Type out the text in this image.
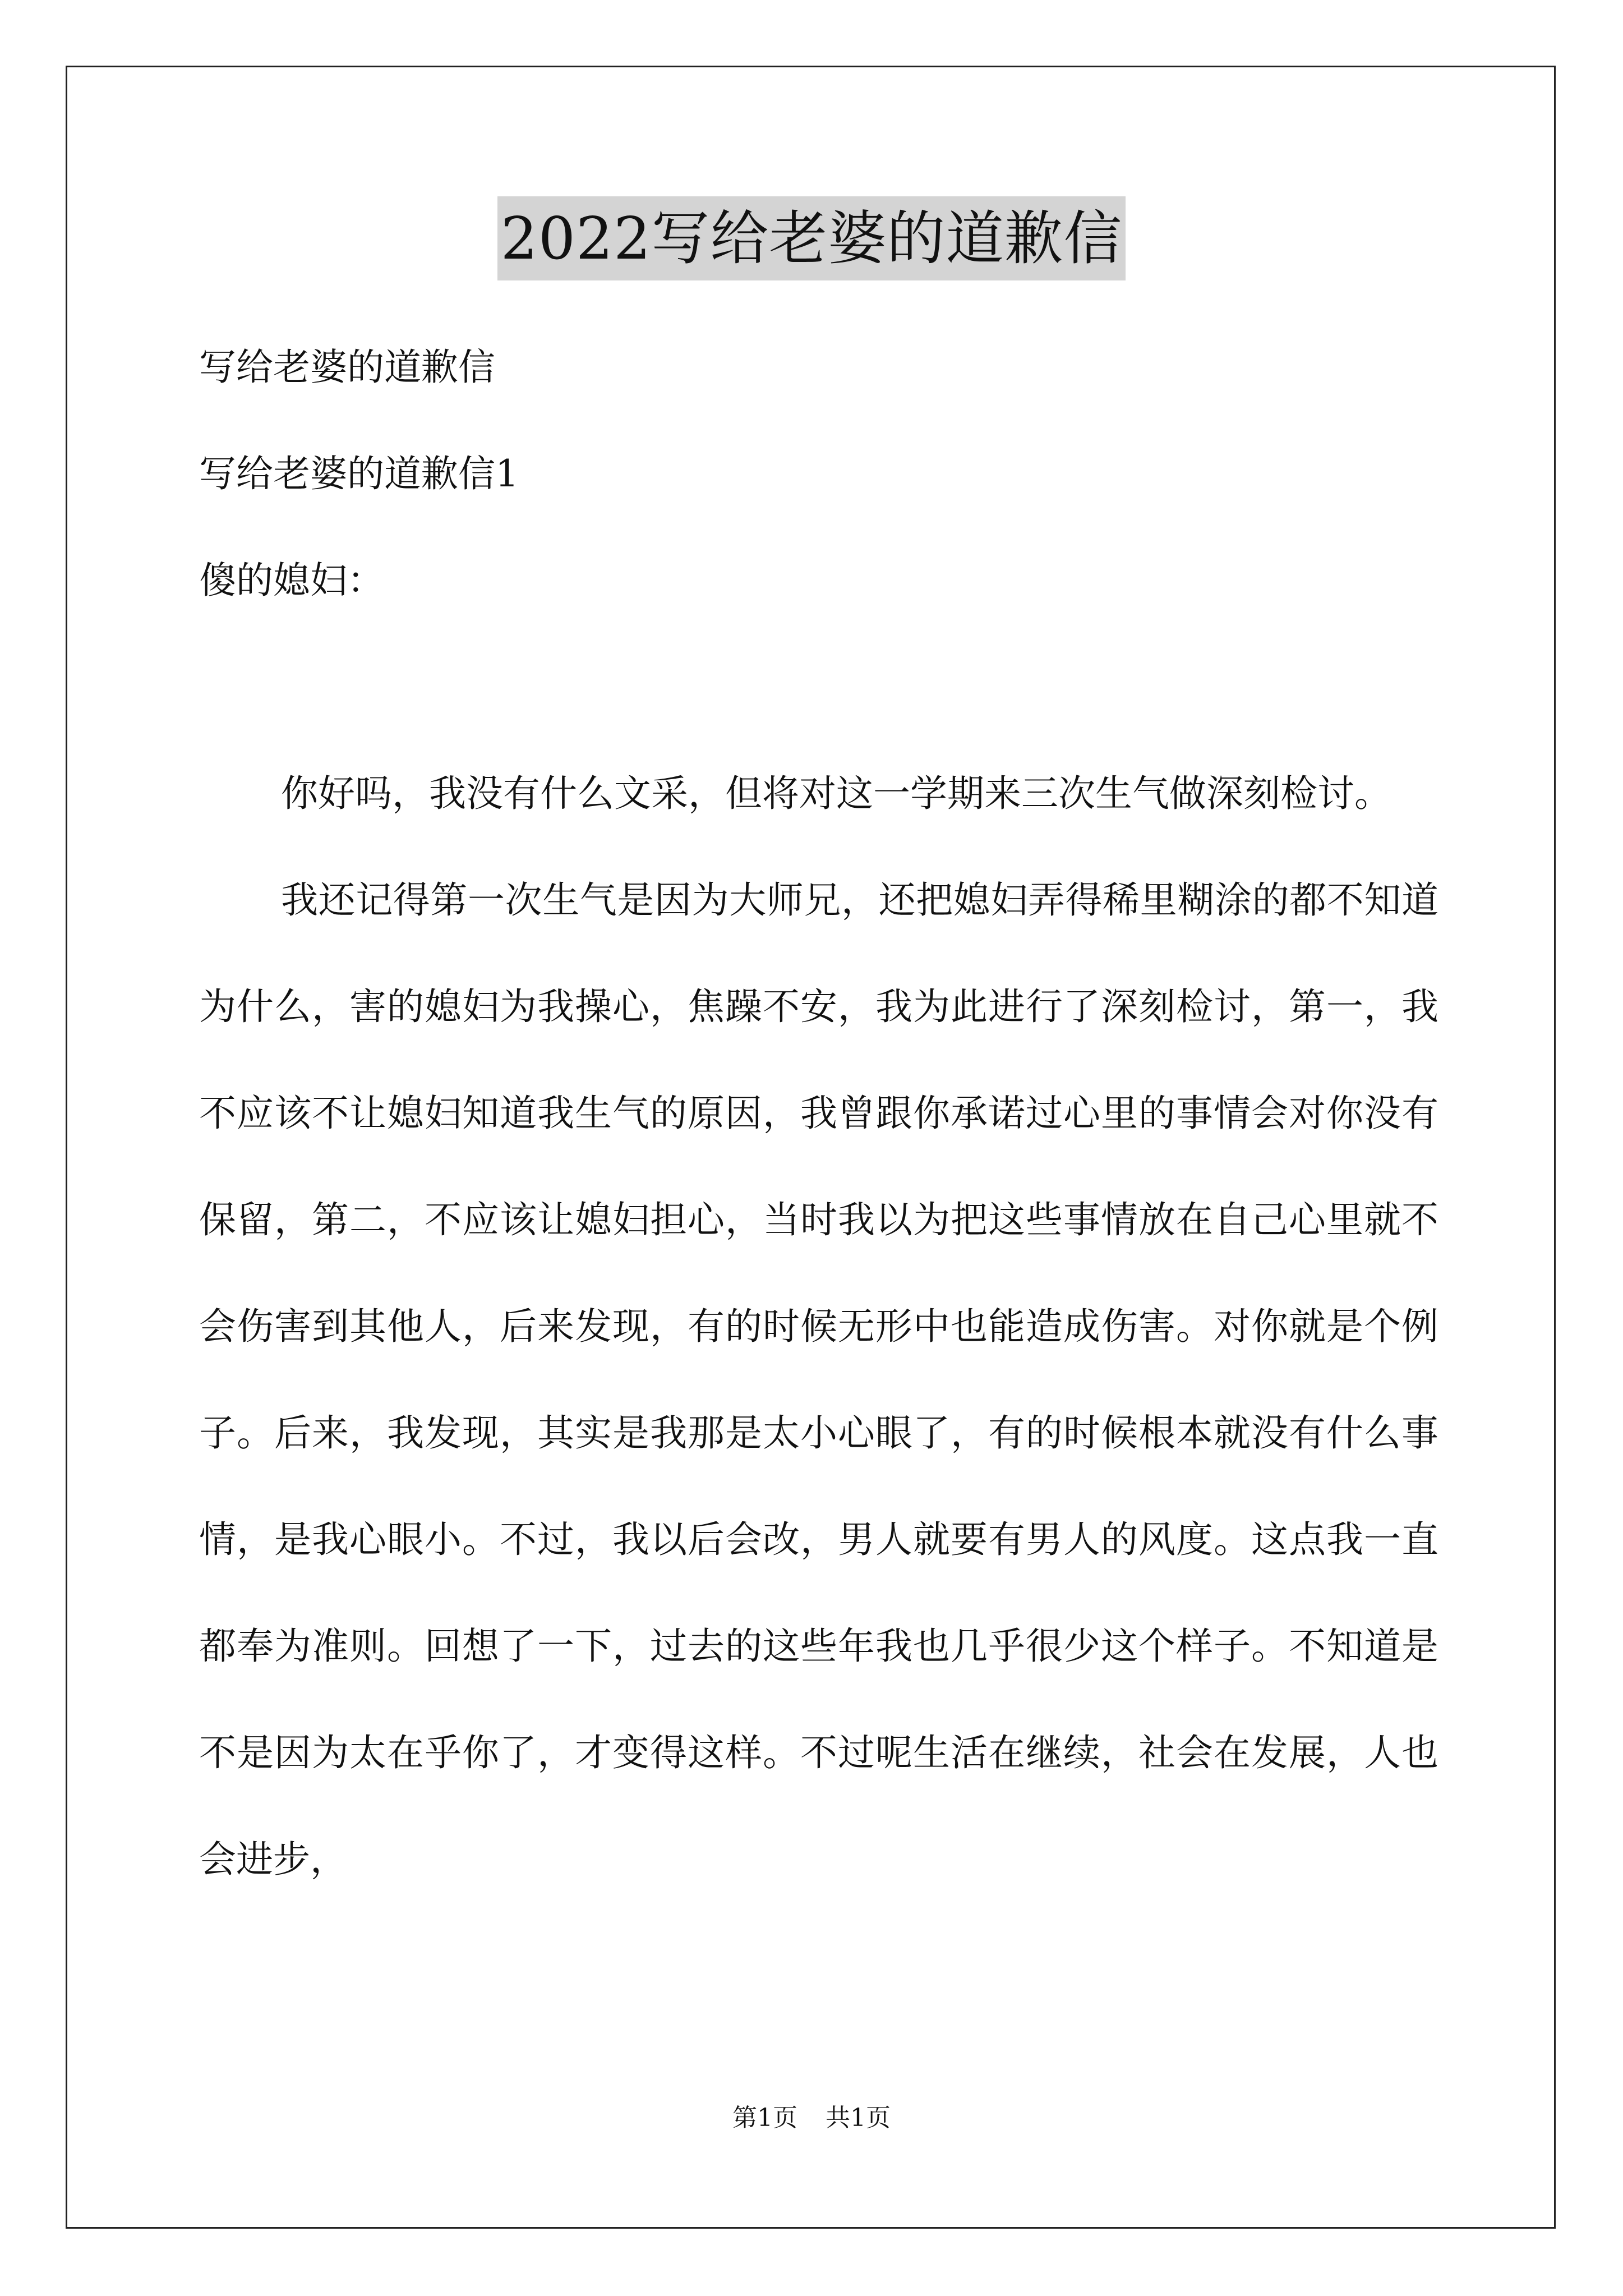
2022写给老婆的道歉信
写给老婆的道歉信
写给老婆的道歉信1
傻的媳妇：

你好吗，我没有什么文采，但将对这一学期来三次生气做深刻检讨。

我还记得第一次生气是因为大师兄，还把媳妇弄得稀里糊涂的都不知道为什么，害的媳妇为我操心，焦躁不安，我为此进行了深刻检讨，第一，我不应该不让媳妇知道我生气的原因，我曾跟你承诺过心里的事情会对你没有保留，第二，不应该让媳妇担心，当时我以为把这些事情放在自己心里就不会伤害到其他人，后来发现，有的时候无形中也能造成伤害。对你就是个例子。后来，我发现，其实是我那是太小心眼了，有的时候根本就没有什么事情，是我心眼小。不过，我以后会改，男人就要有男人的风度。这点我一直都奉为准则。回想了一下，过去的这些年我也几乎很少这个样子。不知道是不是因为太在乎你了，才变得这样。不过呢生活在继续，社会在发展，人也会进步，

第1页 共1页
